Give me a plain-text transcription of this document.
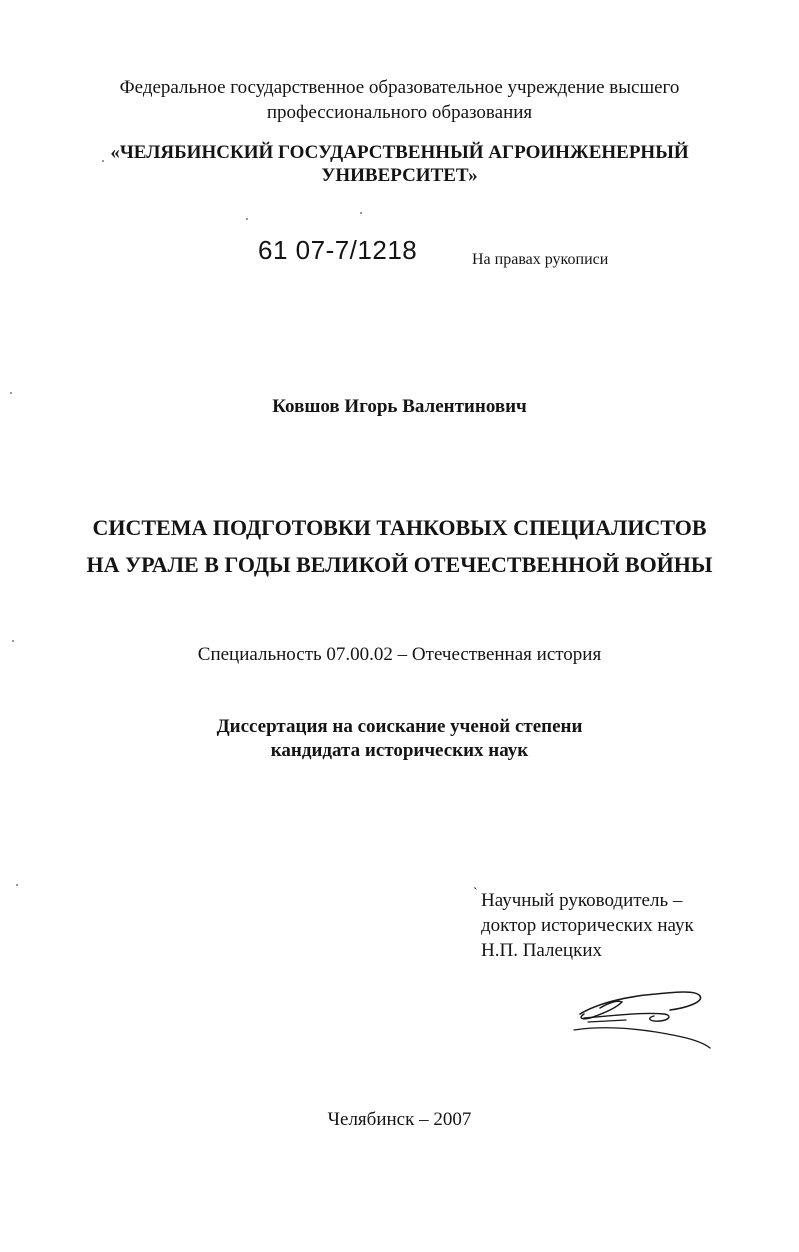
Федеральное государственное образовательное учреждение высшего

профессионального образования

«ЧЕЛЯБИНСКИЙ ГОСУДАРСТВЕННЫЙ АГРОИНЖЕНЕРНЫЙ

УНИВЕРСИТЕТ»

61 07-7/1218	На правах рукописи

Ковшов Игорь Валентинович

СИСТЕМА ПОДГОТОВКИ ТАНКОВЫХ СПЕЦИАЛИСТОВ

НА УРАЛЕ В ГОДЫ ВЕЛИКОЙ ОТЕЧЕСТВЕННОЙ ВОЙНЫ

Специальность 07.00.02 – Отечественная история

Диссертация на соискание ученой степени

кандидата исторических наук

` Научный руководитель –
доктор исторических наук
Н.П. Палецких

Челябинск – 2007
